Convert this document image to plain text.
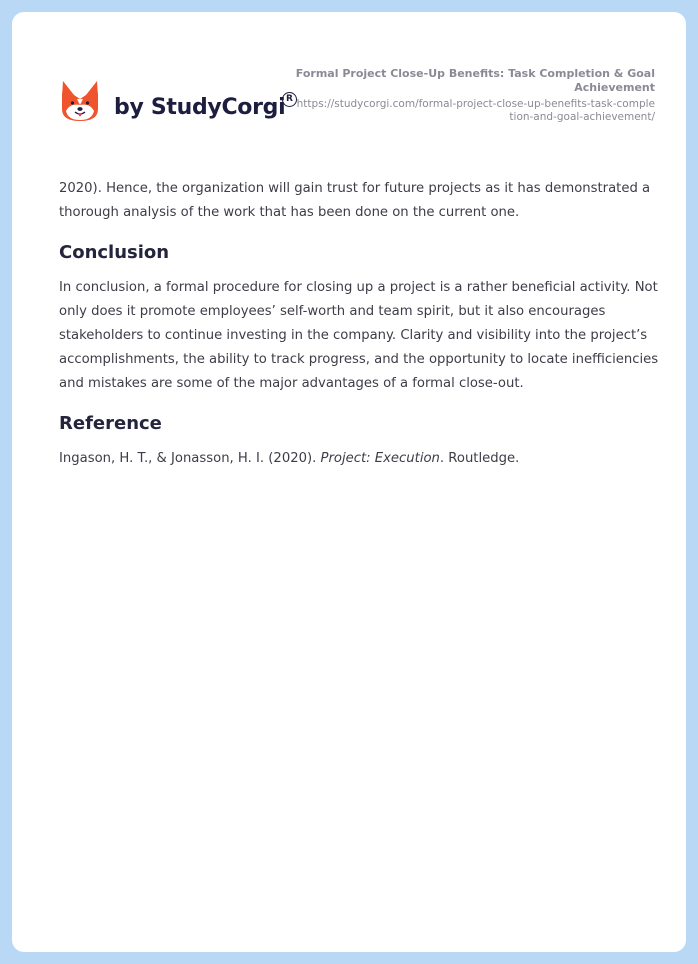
by StudyCorgi R

Formal Project Close-Up Benefits: Task Completion & Goal Achievement

https://studycorgi.com/formal-project-close-up-benefits-task-completion-and-goal-achievement/

2020). Hence, the organization will gain trust for future projects as it has demonstrated a thorough analysis of the work that has been done on the current one.

Conclusion

In conclusion, a formal procedure for closing up a project is a rather beneficial activity. Not only does it promote employees’ self-worth and team spirit, but it also encourages stakeholders to continue investing in the company. Clarity and visibility into the project’s accomplishments, the ability to track progress, and the opportunity to locate inefficiencies and mistakes are some of the major advantages of a formal close-out.

Reference

Ingason, H. T., & Jonasson, H. I. (2020). Project: Execution. Routledge.
